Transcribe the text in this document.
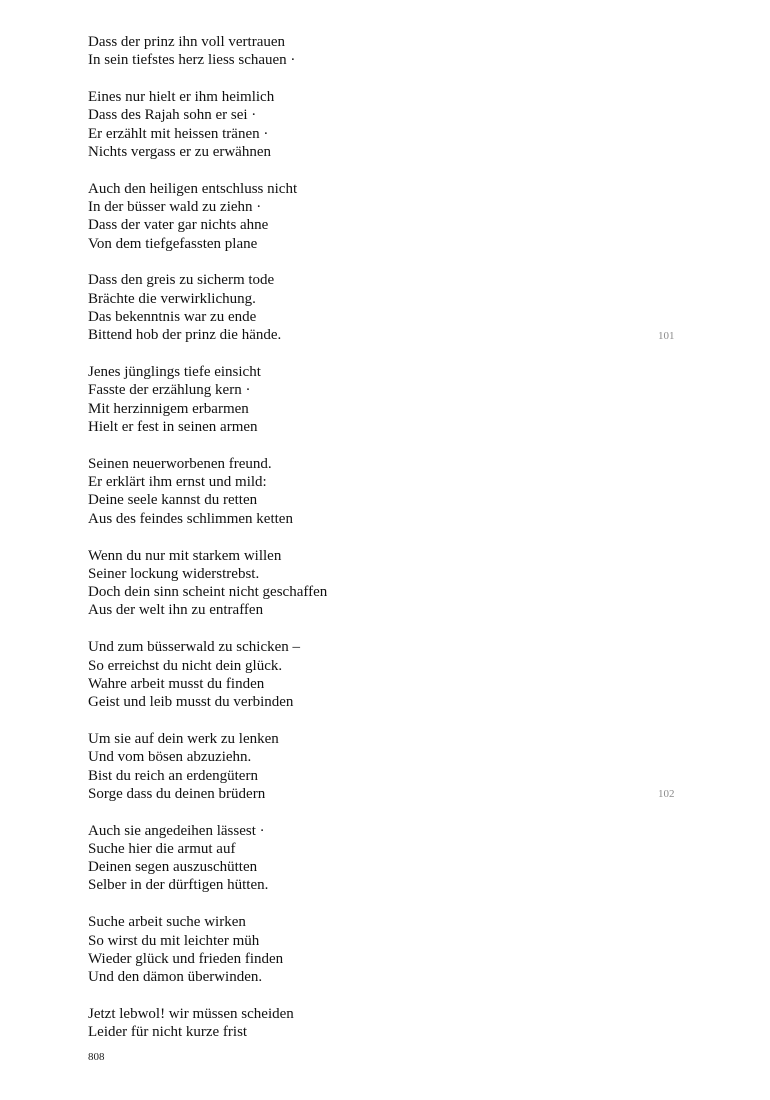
Dass der prinz ihn voll vertrauen
In sein tiefstes herz liess schauen ·
Eines nur hielt er ihm heimlich
Dass des Rajah sohn er sei ·
Er erzählt mit heissen tränen ·
Nichts vergass er zu erwähnen
Auch den heiligen entschluss nicht
In der büsser wald zu ziehn ·
Dass der vater gar nichts ahne
Von dem tiefgefassten plane
Dass den greis zu sicherm tode
Brächte die verwirklichung.
Das bekenntnis war zu ende
Bittend hob der prinz die hände.
Jenes jünglings tiefe einsicht
Fasste der erzählung kern ·
Mit herzinnigem erbarmen
Hielt er fest in seinen armen
Seinen neuerworbenen freund.
Er erklärt ihm ernst und mild:
Deine seele kannst du retten
Aus des feindes schlimmen ketten
Wenn du nur mit starkem willen
Seiner lockung widerstrebst.
Doch dein sinn scheint nicht geschaffen
Aus der welt ihn zu entraffen
Und zum büsserwald zu schicken –
So erreichst du nicht dein glück.
Wahre arbeit musst du finden
Geist und leib musst du verbinden
Um sie auf dein werk zu lenken
Und vom bösen abzuziehn.
Bist du reich an erdengütern
Sorge dass du deinen brüdern
Auch sie angedeihen lässest ·
Suche hier die armut auf
Deinen segen auszuschütten
Selber in der dürftigen hütten.
Suche arbeit suche wirken
So wirst du mit leichter müh
Wieder glück und frieden finden
Und den dämon überwinden.
Jetzt lebwol! wir müssen scheiden
Leider für nicht kurze frist
101
102
808
